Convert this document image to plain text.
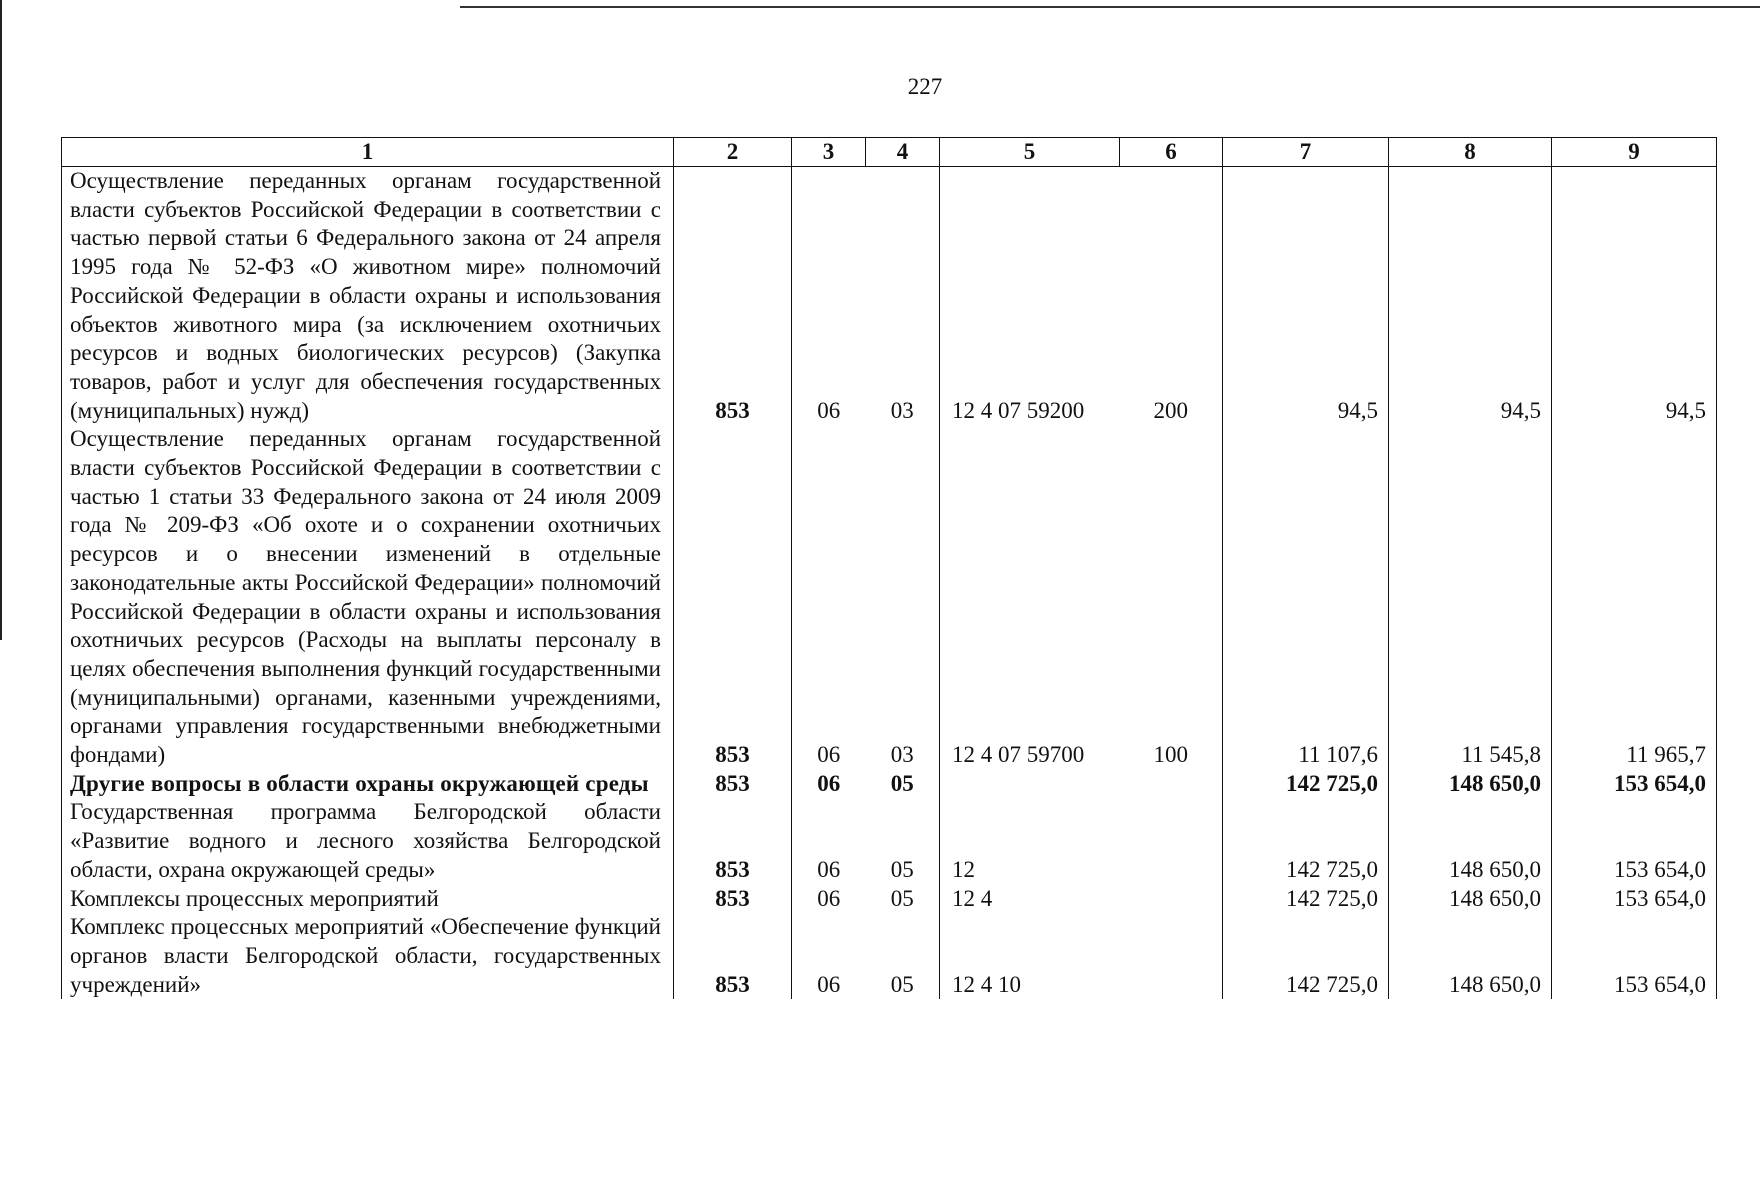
227
1	2	3	4	5	6	7	8	9
Осуществление переданных органам государственной власти субъектов Российской Федерации в соответствии с частью первой статьи 6 Федерального закона от 24 апреля 1995 года № 52-ФЗ «О животном мире» полномочий Российской Федерации в области охраны и использования объектов животного мира (за исключением охотничьих ресурсов и водных биологических ресурсов) (Закупка товаров, работ и услуг для обеспечения государственных (муниципальных) нужд)	853	06	03	12 4 07 59200	200	94,5	94,5	94,5
Осуществление переданных органам государственной власти субъектов Российской Федерации в соответствии с частью 1 статьи 33 Федерального закона от 24 июля 2009 года № 209-ФЗ «Об охоте и о сохранении охотничьих ресурсов и о внесении изменений в отдельные законодательные акты Российской Федерации» полномочий Российской Федерации в области охраны и использования охотничьих ресурсов (Расходы на выплаты персоналу в целях обеспечения выполнения функций государственными (муниципальными) органами, казенными учреждениями, органами управления государственными внебюджетными фондами)	853	06	03	12 4 07 59700	100	11 107,6	11 545,8	11 965,7
Другие вопросы в области охраны окружающей среды	853	06	05			142 725,0	148 650,0	153 654,0
Государственная программа Белгородской области «Развитие водного и лесного хозяйства Белгородской области, охрана окружающей среды»	853	06	05	12		142 725,0	148 650,0	153 654,0
Комплексы процессных мероприятий	853	06	05	12 4		142 725,0	148 650,0	153 654,0
Комплекс процессных мероприятий «Обеспечение функций органов власти Белгородской области, государственных учреждений»	853	06	05	12 4 10		142 725,0	148 650,0	153 654,0
